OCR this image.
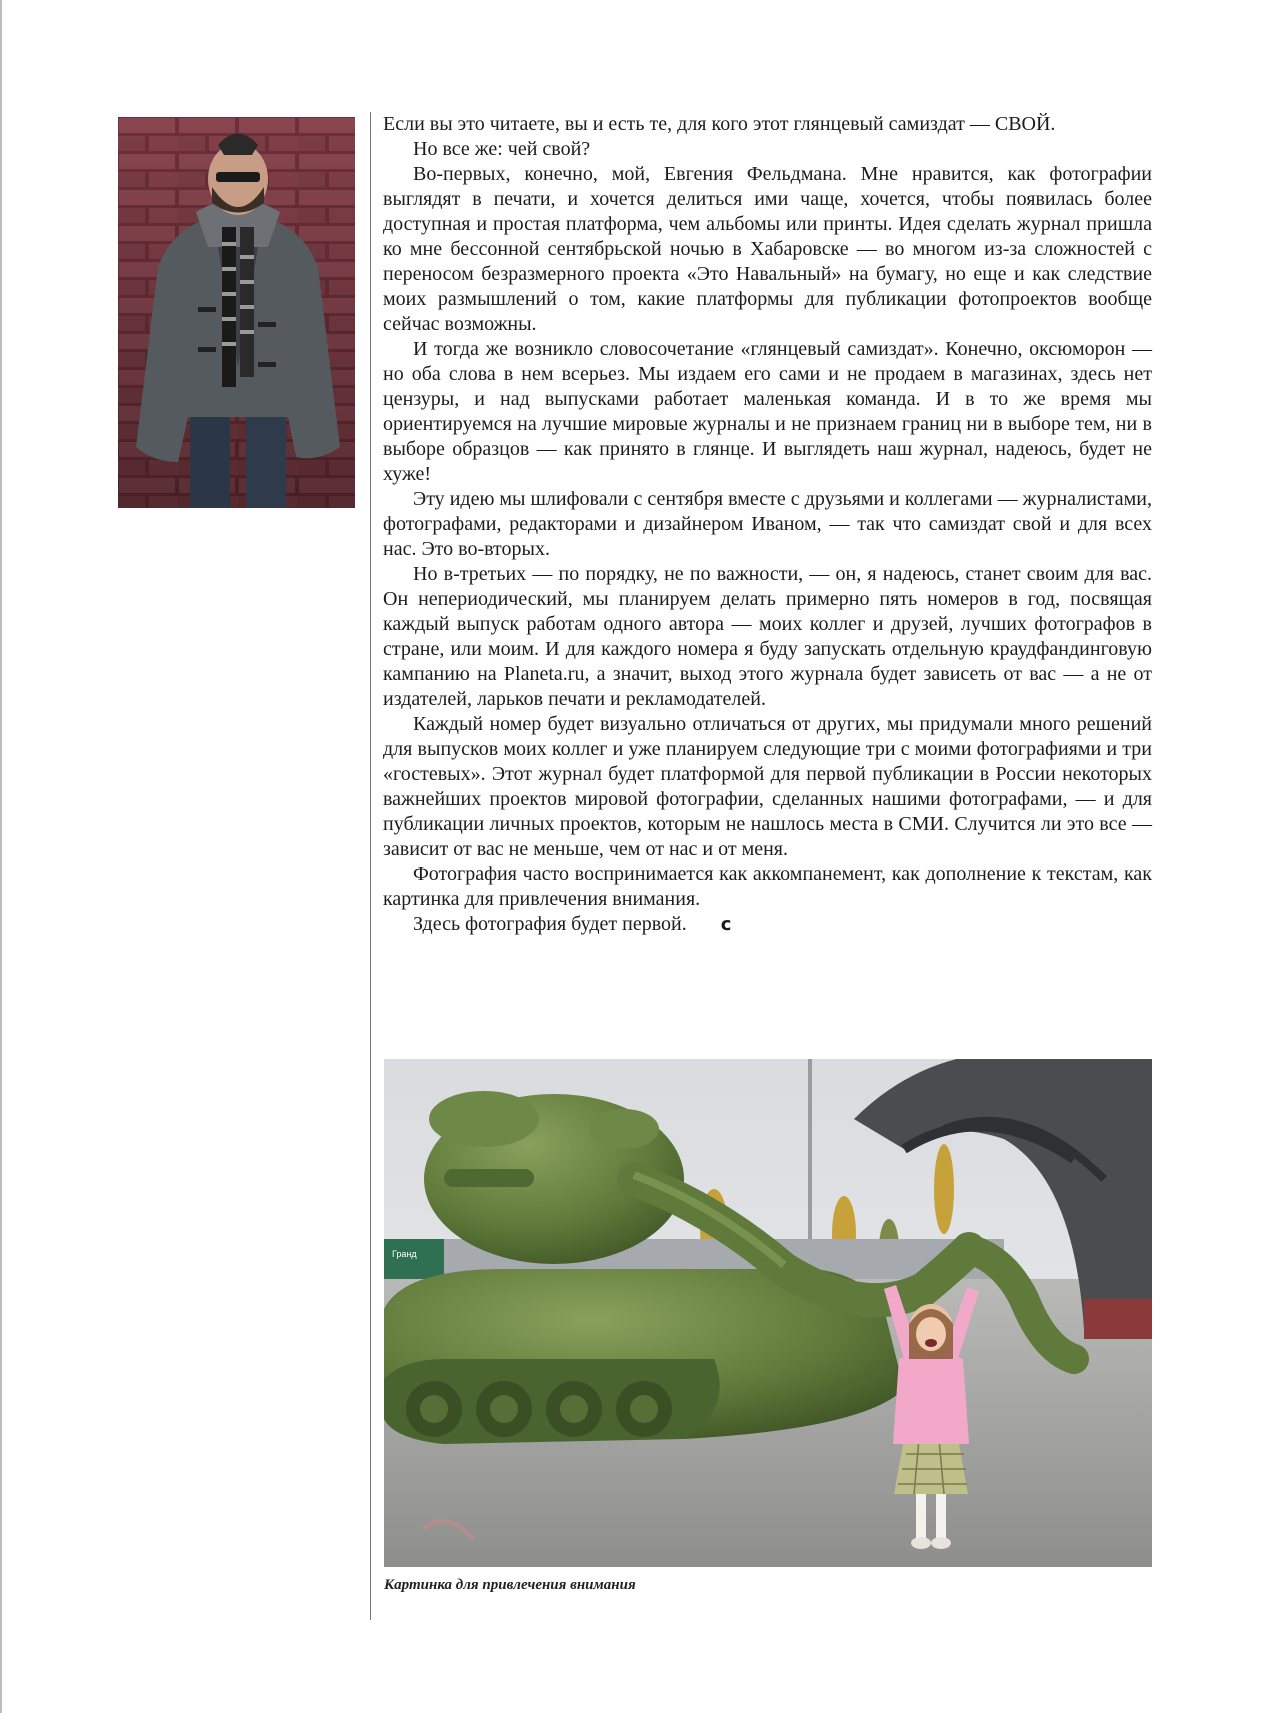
Если вы это читаете, вы и есть те, для кого этот глянцевый самиздат — СВОЙ.

Но все же: чей свой?

Во-первых, конечно, мой, Евгения Фельдмана. Мне нравится, как фотографии выглядят в печати, и хочется делиться ими чаще, хочется, чтобы появилась более доступная и простая платформа, чем альбомы или принты. Идея сделать журнал пришла ко мне бессонной сентябрьской ночью в Хабаровске — во многом из-за сложностей с переносом безразмерного проекта «Это Навальный» на бумагу, но еще и как следствие моих размышлений о том, какие платформы для публикации фотопроектов вообще сейчас возможны.

И тогда же возникло словосочетание «глянцевый самиздат». Конечно, оксюморон — но оба слова в нем всерьез. Мы издаем его сами и не продаем в магазинах, здесь нет цензуры, и над выпусками работает маленькая команда. И в то же время мы ориентируемся на лучшие мировые журналы и не признаем границ ни в выборе тем, ни в выборе образцов — как принято в глянце. И выглядеть наш журнал, надеюсь, будет не хуже!

Эту идею мы шлифовали с сентября вместе с друзьями и коллегами — журналистами, фотографами, редакторами и дизайнером Иваном, — так что самиздат свой и для всех нас. Это во-вторых.

Но в-третьих — по порядку, не по важности, — он, я надеюсь, станет своим для вас. Он непериодический, мы планируем делать примерно пять номеров в год, посвящая каждый выпуск работам одного автора — моих коллег и друзей, лучших фотографов в стране, или моим. И для каждого номера я буду запускать отдельную краудфандинговую кампанию на Planeta.ru, а значит, выход этого журнала будет зависеть от вас — а не от издателей, ларьков печати и рекламодателей.

Каждый номер будет визуально отличаться от других, мы придумали много решений для выпусков моих коллег и уже планируем следующие три с моими фотографиями и три «гостевых». Этот журнал будет платформой для первой публикации в России некоторых важнейших проектов мировой фотографии, сделанных нашими фотографами, — и для публикации личных проектов, которым не нашлось места в СМИ. Случится ли это все — зависит от вас не меньше, чем от нас и от меня.

Фотография часто воспринимается как аккомпанемент, как дополнение к текстам, как картинка для привлечения внимания.

Здесь фотография будет первой. c

Гранд
Картинка для привлечения внимания
